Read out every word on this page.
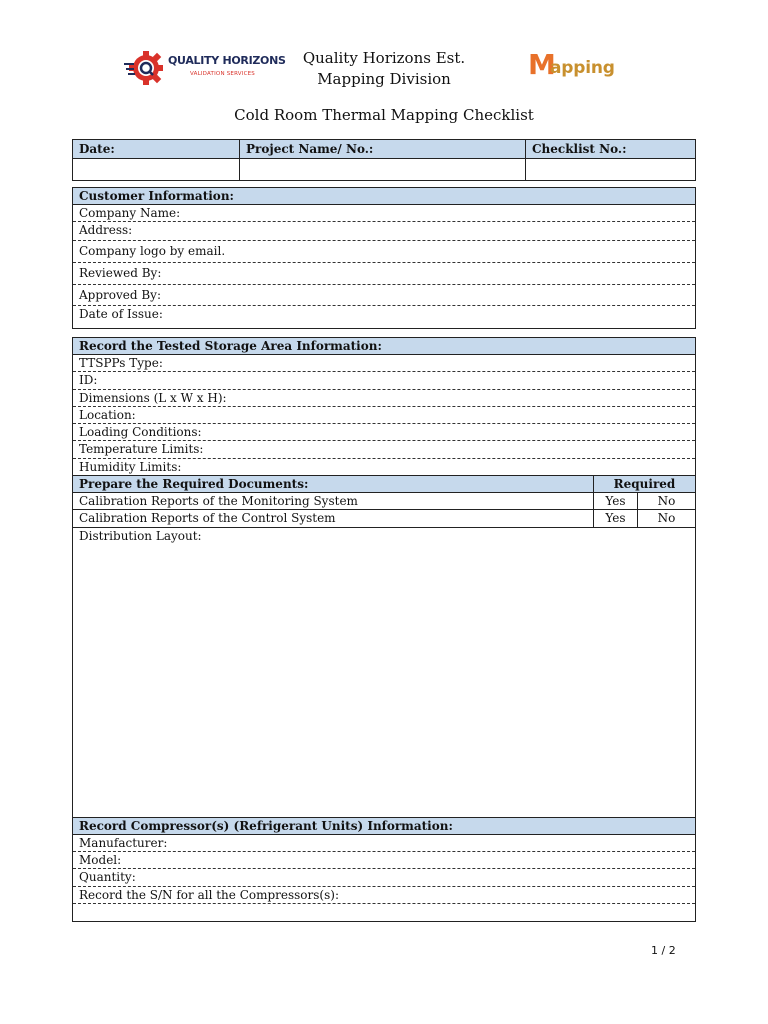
QUALITY HORIZONS
VALIDATION SERVICES
Quality Horizons Est.
Mapping Division	M
apping
Cold Room Thermal Mapping Checklist
Date:	Project Name/ No.:	Checklist No.:
Customer Information:
Company Name:
Address:
Company logo by email.
Reviewed By:
Approved By:
Date of Issue:
Record the Tested Storage Area Information:
TTSPPs Type:
ID:
Dimensions (L x W x H):
Location:
Loading Conditions:
Temperature Limits:
Humidity Limits:
Prepare the Required Documents:	Required
Calibration Reports of the Monitoring System	Yes	No
Calibration Reports of the Control System	Yes	No
Distribution Layout:
Record Compressor(s) (Refrigerant Units) Information:
Manufacturer:
Model:
Quantity:
Record the S/N for all the Compressors(s):
1 / 2
